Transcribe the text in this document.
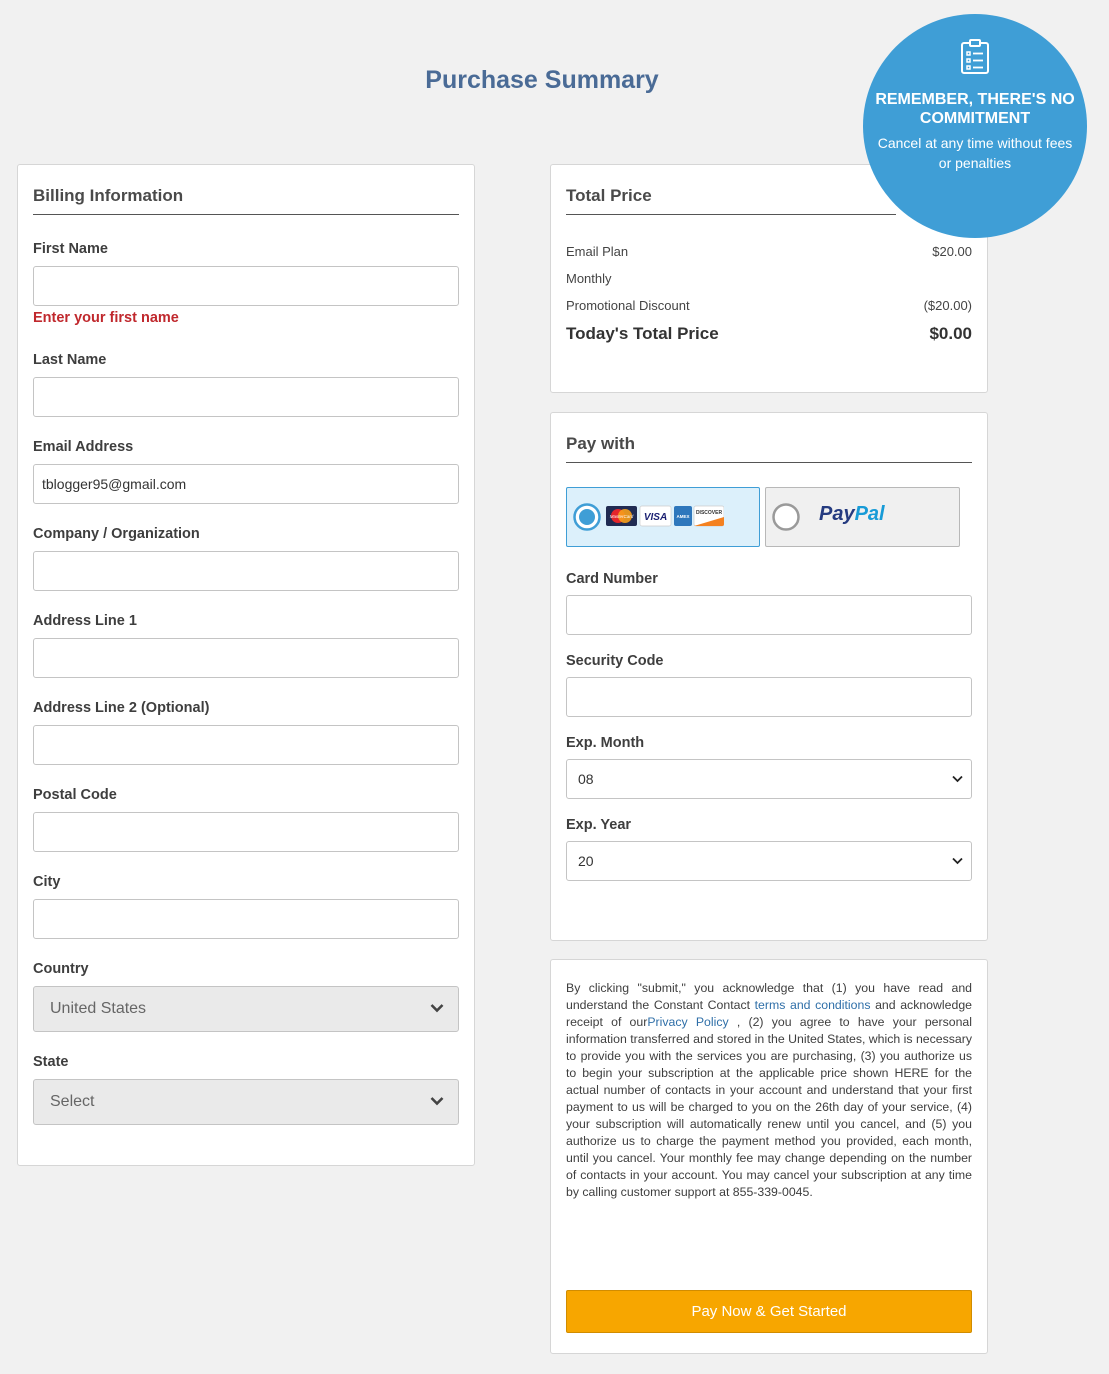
Purchase Summary
REMEMBER, THERE'S NO COMMITMENT
Cancel at any time without fees or penalties
Billing Information
First Name
Enter your first name
Last Name
Email Address
tblogger95@gmail.com
Company / Organization
Address Line 1
Address Line 2 (Optional)
Postal Code
City
Country
United States
State
Select
Total Price
Email Plan	$20.00
Monthly
Promotional Discount	($20.00)
Today's Total Price	$0.00
Pay with
MasterCard VISA AMEX
DISCOVER	PayPal
Card Number
Security Code
Exp. Month
08
Exp. Year
20
By clicking "submit," you acknowledge that (1) you have read and understand the Constant Contact terms and conditions and acknowledge receipt of ourPrivacy Policy , (2) you agree to have your personal information transferred and stored in the United States, which is necessary to provide you with the services you are purchasing, (3) you authorize us to begin your subscription at the applicable price shown HERE for the actual number of contacts in your account and understand that your first payment to us will be charged to you on the 26th day of your service, (4) your subscription will automatically renew until you cancel, and (5) you authorize us to charge the payment method you provided, each month, until you cancel. Your monthly fee may change depending on the number of contacts in your account. You may cancel your subscription at any time by calling customer support at 855-339-0045.
Pay Now & Get Started
